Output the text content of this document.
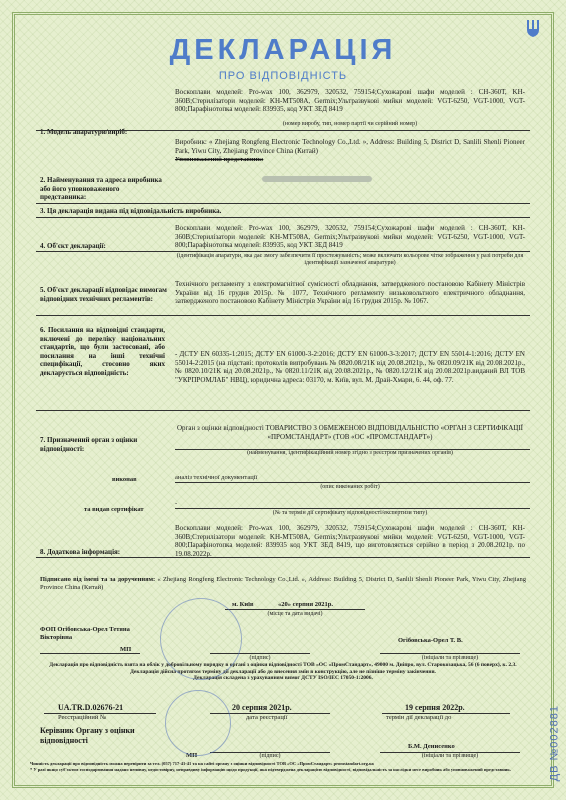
ДЕКЛАРАЦІЯ
ПРО ВІДПОВІДНІСТЬ
Воскоплави моделей: Pro-wax 100, 362979, 320532, 759154;Сухожарові шафи моделей : CH-360T, KH-360B;Стерилізатори моделей: KH-MT508A, Germix;Ультразвукові мийки моделей: VGT-6250, VGT-1000, VGT-800;Парафінотопка моделей: 839935, код УКТ ЗЕД 8419
1. Модель апаратури/виріб:
(номер виробу, тип, номер партії чи серійний номер)
Виробник: « Zhejiang Rongfeng Electronic Technology Co.,Ltd. », Address: Building 5, District D, Sanlili Shenli Pioneer Park, Yiwu City, Zhejiang Province China (Китай)
Уповноважений представник:
2. Найменування та адреса виробника або його уповноваженого представника:
3. Ця декларація видана під відповідальність виробника.
Воскоплави моделей: Pro-wax 100, 362979, 320532, 759154;Сухожарові шафи моделей : CH-360T, KH-360B;Стерилізатори моделей: KH-MT508A, Germix;Ультразвукові мийки моделей: VGT-6250, VGT-1000, VGT-800;Парафінотопка моделей: 839935, код УКТ ЗЕД 8419
4. Об'єкт декларації:
(ідентифікація апаратури, яка дає змогу забезпечити її простежуваність; може включати кольорове чітке зображення у разі потреби для ідентифікації зазначеної апаратури)
Технічного регламенту з електромагнітної сумісності обладнання, затвердженого постановою Кабінету Міністрів України від 16 грудня 2015р. № 1077, Технічного регламенту низьковольтного електричного обладнання, затвердженого постановою Кабінету Міністрів України від 16 грудня 2015р. № 1067.
5. Об'єкт декларації відповідає вимогам відповідних технічних регламентів:
6. Посилання на відповідні стандарти, включені до переліку національних стандартів, що були застосовані, або посилання на інші технічні специфікації, стосовно яких декларується відповідність:
- ДСТУ EN 60335-1:2015; ДСТУ EN 61000-3-2:2016; ДСТУ EN 61000-3-3:2017; ДСТУ EN 55014-1:2016; ДСТУ EN 55014-2:2015 (на підставі: протоколів випробувань № 0820.08/21К від 20.08.2021р., № 0820.09/21К від 20.08.2021р., № 0820.10/21К від 20.08.2021р., № 0820.11/21К від 20.08.2021р., № 0820.12/21К від 20.08.2021р.виданий ВЛ ТОВ "УКРПРОМЛАБ" НВЦ), юридична адреса: 03170, м. Київ, вул. М. Драй-Хмари, 6. 44, оф. 77.
Орган з оцінки відповідності ТОВАРИСТВО З ОБМЕЖЕНОЮ ВІДПОВІДАЛЬНІСТЮ «ОРГАН З СЕРТИФІКАЦІЇ «ПРОМСТАНДАРТ» (ТОВ «ОС «ПРОМСТАНДАРТ»)
7. Призначений орган з оцінки відповідності:
(найменування, ідентифікаційний номер згідно з реєстром призначених органів)
виконав	аналіз технічної документації
(опис виконаних робіт)
та видав сертифікат
-
(№ та термін дії сертифікату відповідності/експертизи типу)
Воскоплави моделей: Pro-wax 100, 362979, 320532, 759154;Сухожарові шафи моделей : CH-360T, KH-360B;Стерилізатори моделей: KH-MT508A, Germix;Ультразвукові мийки моделей: VGT-6250, VGT-1000, VGT-800;Парафінотопка моделей: 839935 код УКТ ЗЕД 8419, що виготовляється серійно в період з 20.08.2021р. по 19.08.2022р.
8. Додаткова інформація:
Підписано від імені та за дорученням: « Zhejiang Rongfeng Electronic Technology Co.,Ltd. », Address: Building 5, District D, Sanlili Shenli Pioneer Park, Yiwu City, Zhejiang Province China (Китай)
м. Київ	«20» серпня 2021р.
(місце та дата видачі)
ФОП Огібовська-Орел Тетяна Вікторівна
МП
(підпис)
Огібовська-Орел Т. В.
(ініціали та прізвище)
Декларація про відповідність взята на облік у добровільному порядку в органі з оцінки відповідності ТОВ «ОС «ПромСтандарт», 49000 м. Дніпро, вул. Старокозацька, 56 (6 поверх), к. 2.3.
Декларація дійсна протягом терміну дії декларації або до внесення змін в конструкцію, але не пізніше терміну закінчення.
Декларація складена з урахуванням вимог ДСТУ ISO/IEC 17050-1:2006.
UA.TR.D.02676-21
Реєстраційний №
20 серпня 2021р.
дата реєстрації
19 серпня 2022р.
термін дії декларації до
Керівник Органу з оцінки відповідності
МП	(підпис)
Б.М. Денисенко
(ініціали та прізвище)	ДВ №002881
Чинність декларації про відповідність можна перевірити за тел. (057) 717-41-41 та на сайті органу з оцінки відповідності ТОВ «ОС «ПромСтандарт» promstandart.org.ua
* У разі якщо суб'єктом господарювання надано неповну, недостовірну, неправдиву інформацію щодо продукції, яка підтверджена декларацією відповідності, відповідальність за наслідки несе виробник або уповноважений представник.
